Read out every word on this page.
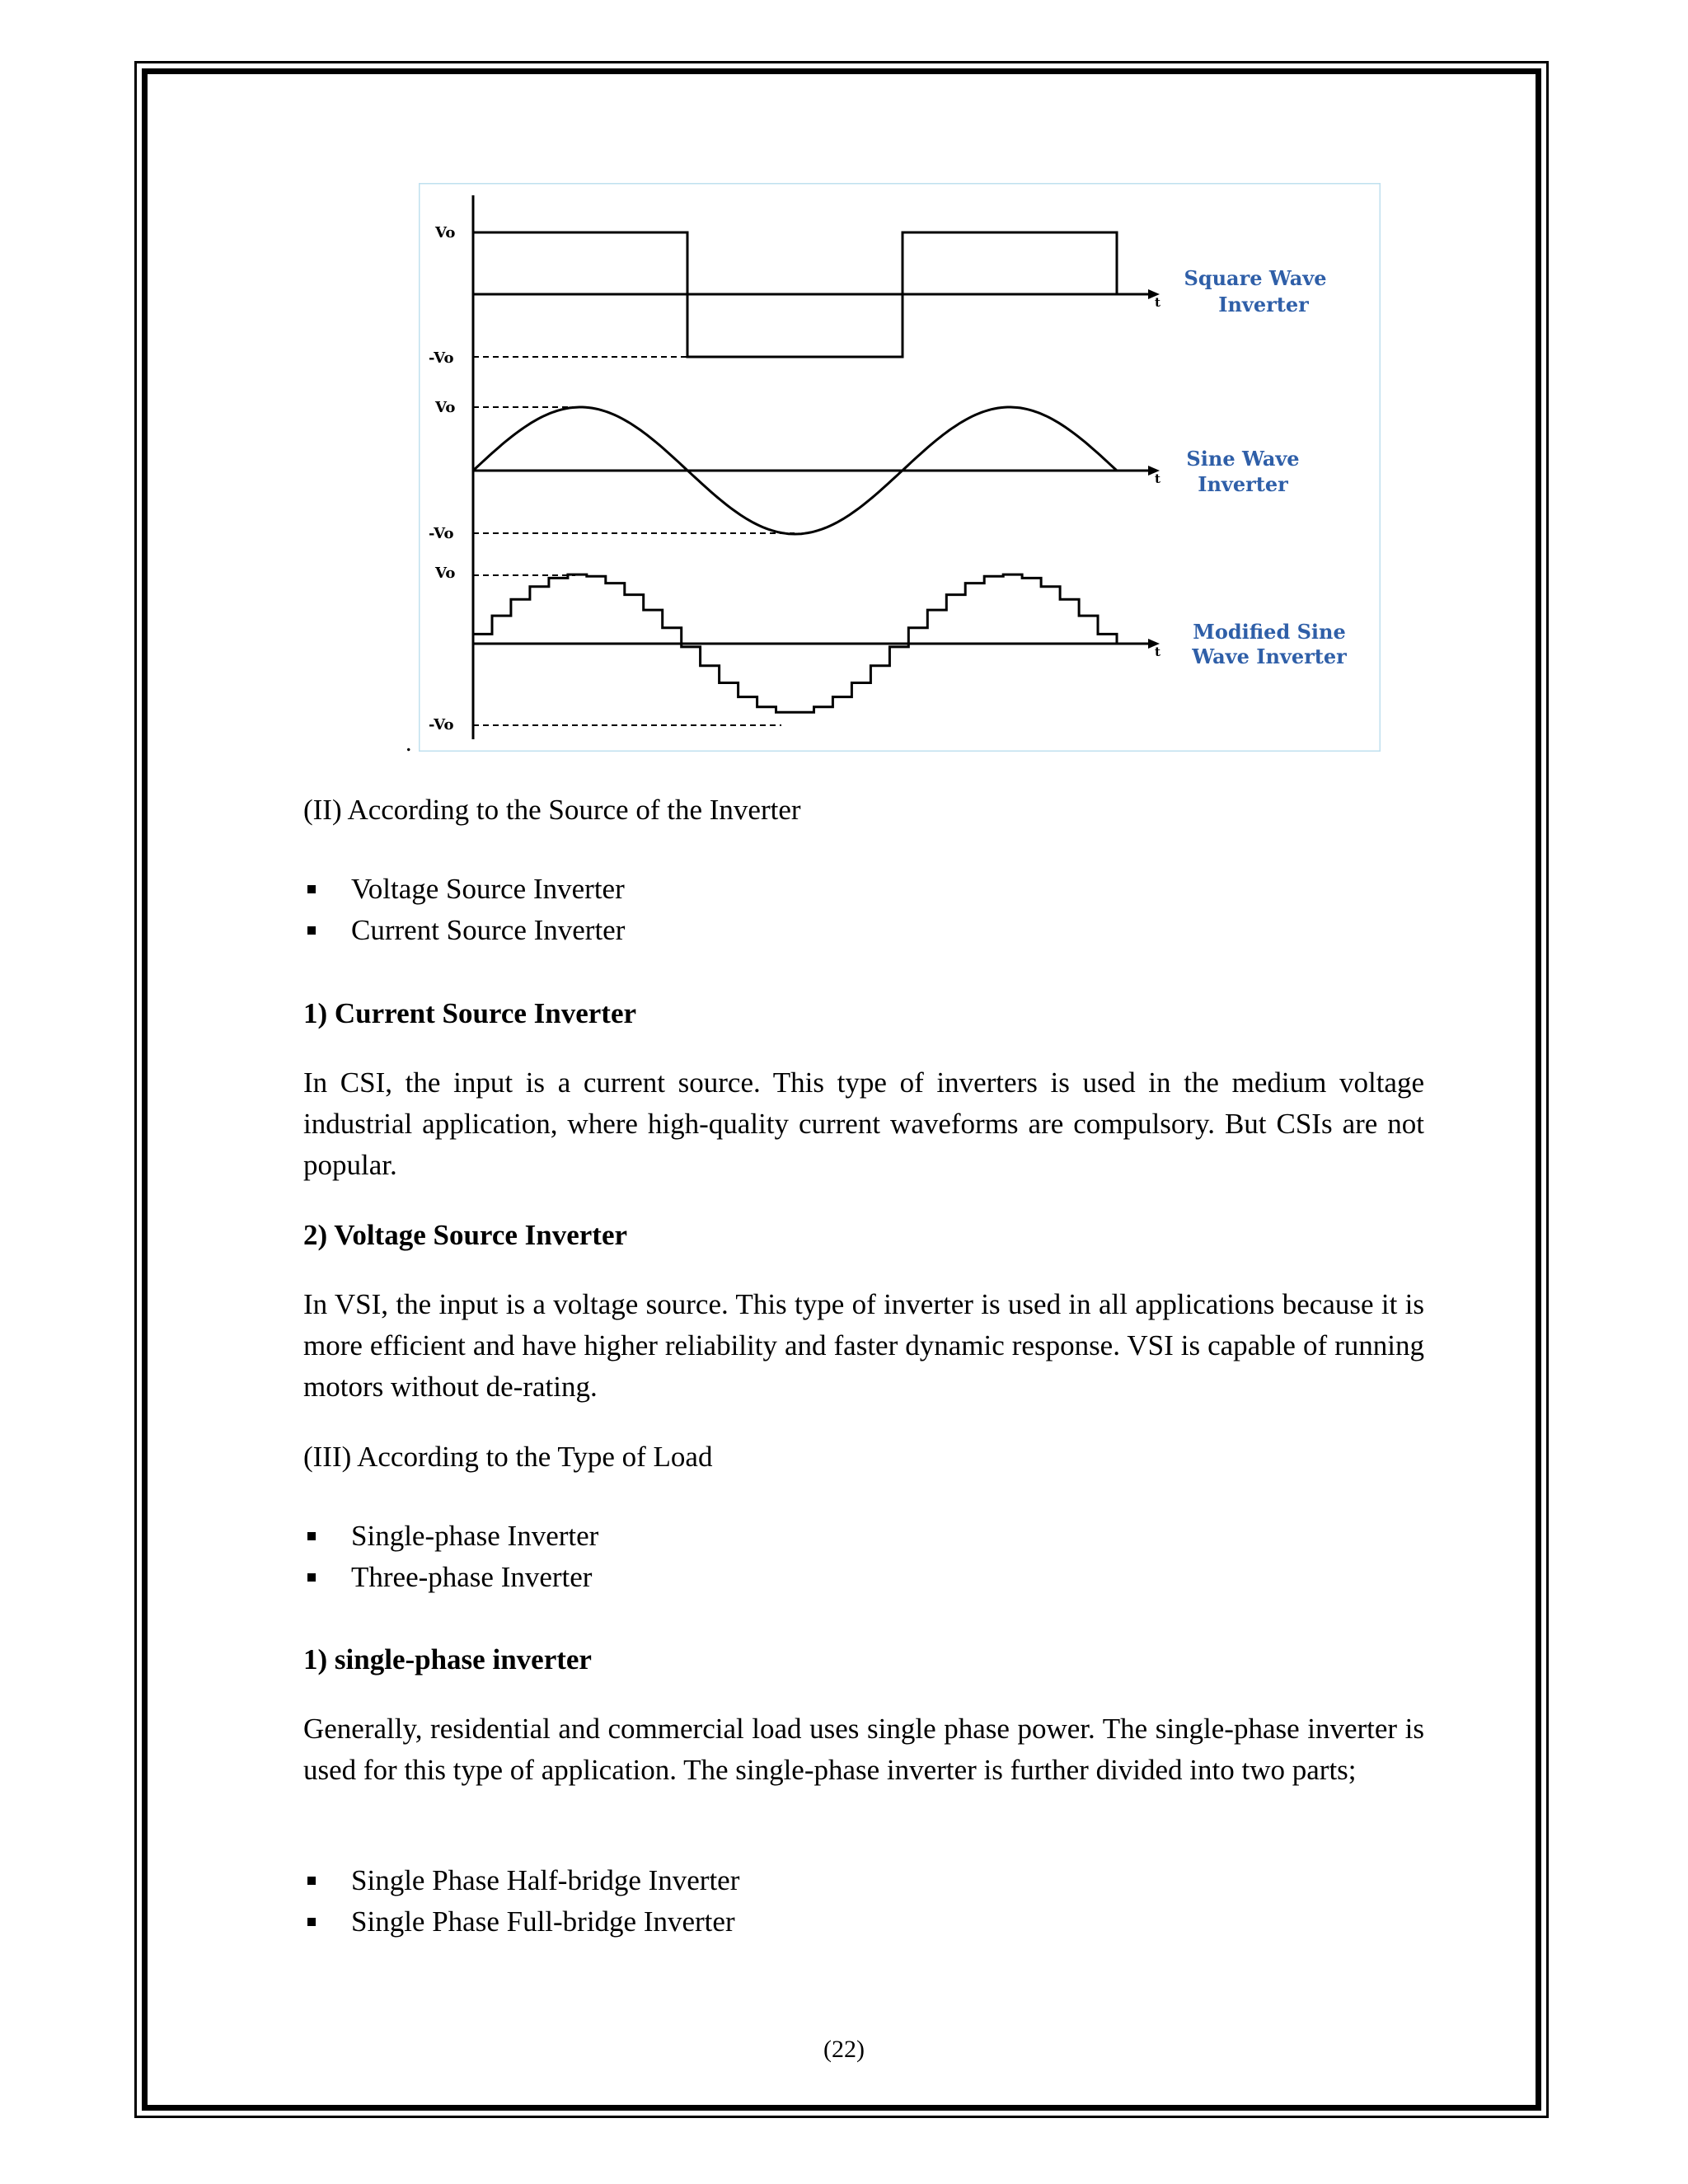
Vo
-Vo
t
Square Wave
Inverter
Vo
-Vo
t
Sine Wave
Inverter
Vo
-Vo
t
Modified Sine
Wave Inverter
.
(II) According to the Source of the Inverter
Voltage Source Inverter
Current Source Inverter
1) Current Source Inverter
In CSI, the input is a current source. This type of inverters is used in the medium voltage industrial application, where high-quality current waveforms are compulsory. But CSIs are not popular.
2) Voltage Source Inverter
In VSI, the input is a voltage source. This type of inverter is used in all applications because it is more efficient and have higher reliability and faster dynamic response. VSI is capable of running motors without de-rating.
(III) According to the Type of Load
Single-phase Inverter
Three-phase Inverter
1) single-phase inverter
Generally, residential and commercial load uses single phase power. The single-phase inverter is used for this type of application. The single-phase inverter is further divided into two parts;
Single Phase Half-bridge Inverter
Single Phase Full-bridge Inverter
(22)
